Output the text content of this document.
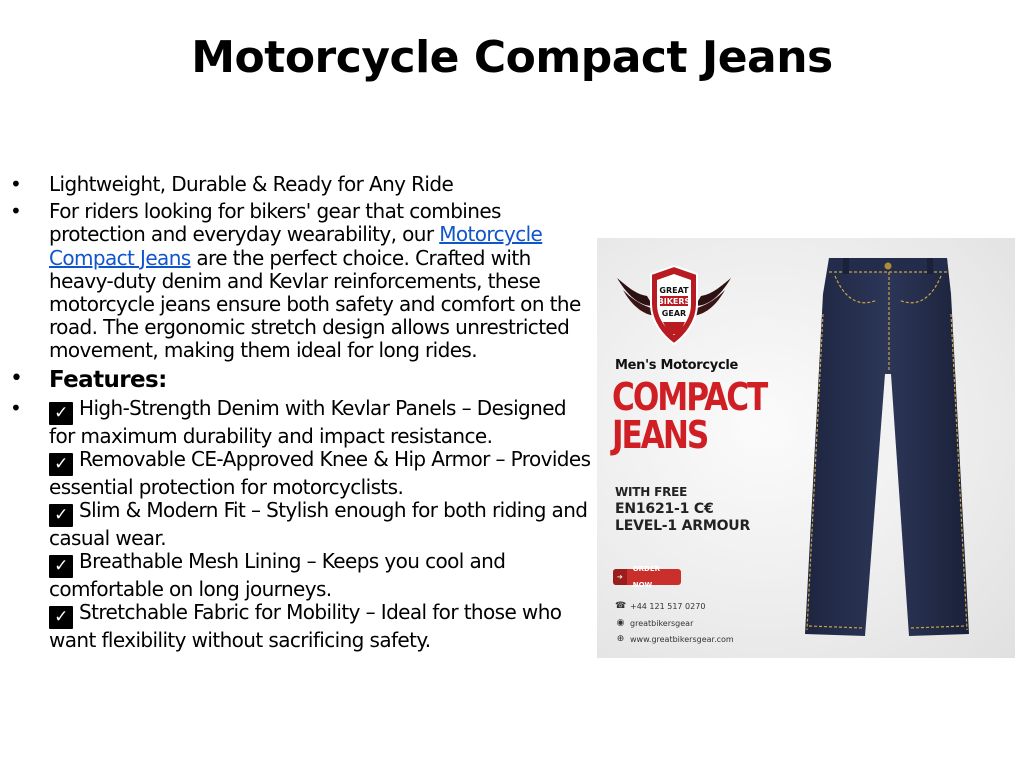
Motorcycle Compact Jeans
•	Lightweight, Durable & Ready for Any Ride
•	For riders looking for bikers' gear that combines protection and everyday wearability, our Motorcycle Compact Jeans are the perfect choice. Crafted with heavy-duty denim and Kevlar reinforcements, these motorcycle jeans ensure both safety and comfort on the road. The ergonomic stretch design allows unrestricted movement, making them ideal for long rides.
•	Features:
•	✓ High-Strength Denim with Kevlar Panels – Designed for maximum durability and impact resistance.
✓ Removable CE-Approved Knee & Hip Armor – Provides essential protection for motorcyclists.
✓ Slim & Modern Fit – Stylish enough for both riding and casual wear.
✓ Breathable Mesh Lining – Keeps you cool and comfortable on long journeys.
✓ Stretchable Fabric for Mobility – Ideal for those who want flexibility without sacrificing safety.
GREAT
BIKERS
GEAR
Men's Motorcycle
COMPACT
JEANS
WITH FREE
EN1621-1 C€
LEVEL-1 ARMOUR
➔
ORDER NOW
☎ +44 121 517 0270
◉ greatbikersgear
⊕ www.greatbikersgear.com
